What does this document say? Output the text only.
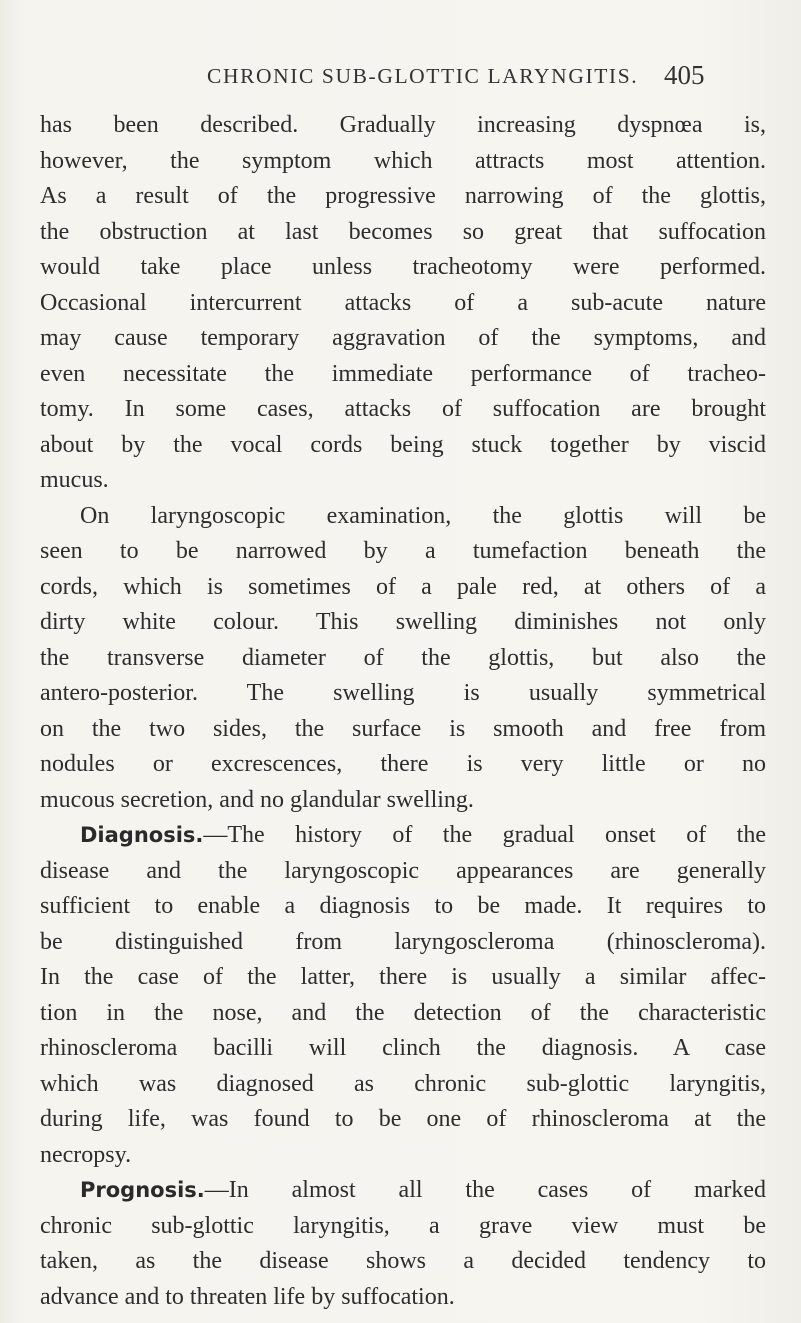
CHRONIC SUB-GLOTTIC LARYNGITIS. 405
has been described. Gradually increasing dyspnœa is,
however, the symptom which attracts most attention.
As a result of the progressive narrowing of the glottis,
the obstruction at last becomes so great that suffocation
would take place unless tracheotomy were performed.
Occasional intercurrent attacks of a sub-acute nature
may cause temporary aggravation of the symptoms, and
even necessitate the immediate performance of tracheo-
tomy. In some cases, attacks of suffocation are brought
about by the vocal cords being stuck together by viscid
mucus.
On laryngoscopic examination, the glottis will be
seen to be narrowed by a tumefaction beneath the
cords, which is sometimes of a pale red, at others of a
dirty white colour. This swelling diminishes not only
the transverse diameter of the glottis, but also the
antero-posterior. The swelling is usually symmetrical
on the two sides, the surface is smooth and free from
nodules or excrescences, there is very little or no
mucous secretion, and no glandular swelling.
Diagnosis.—The history of the gradual onset of the
disease and the laryngoscopic appearances are generally
sufficient to enable a diagnosis to be made. It requires to
be distinguished from laryngoscleroma (rhinoscleroma).
In the case of the latter, there is usually a similar affec-
tion in the nose, and the detection of the characteristic
rhinoscleroma bacilli will clinch the diagnosis. A case
which was diagnosed as chronic sub-glottic laryngitis,
during life, was found to be one of rhinoscleroma at the
necropsy.
Prognosis.—In almost all the cases of marked
chronic sub-glottic laryngitis, a grave view must be
taken, as the disease shows a decided tendency to
advance and to threaten life by suffocation.
